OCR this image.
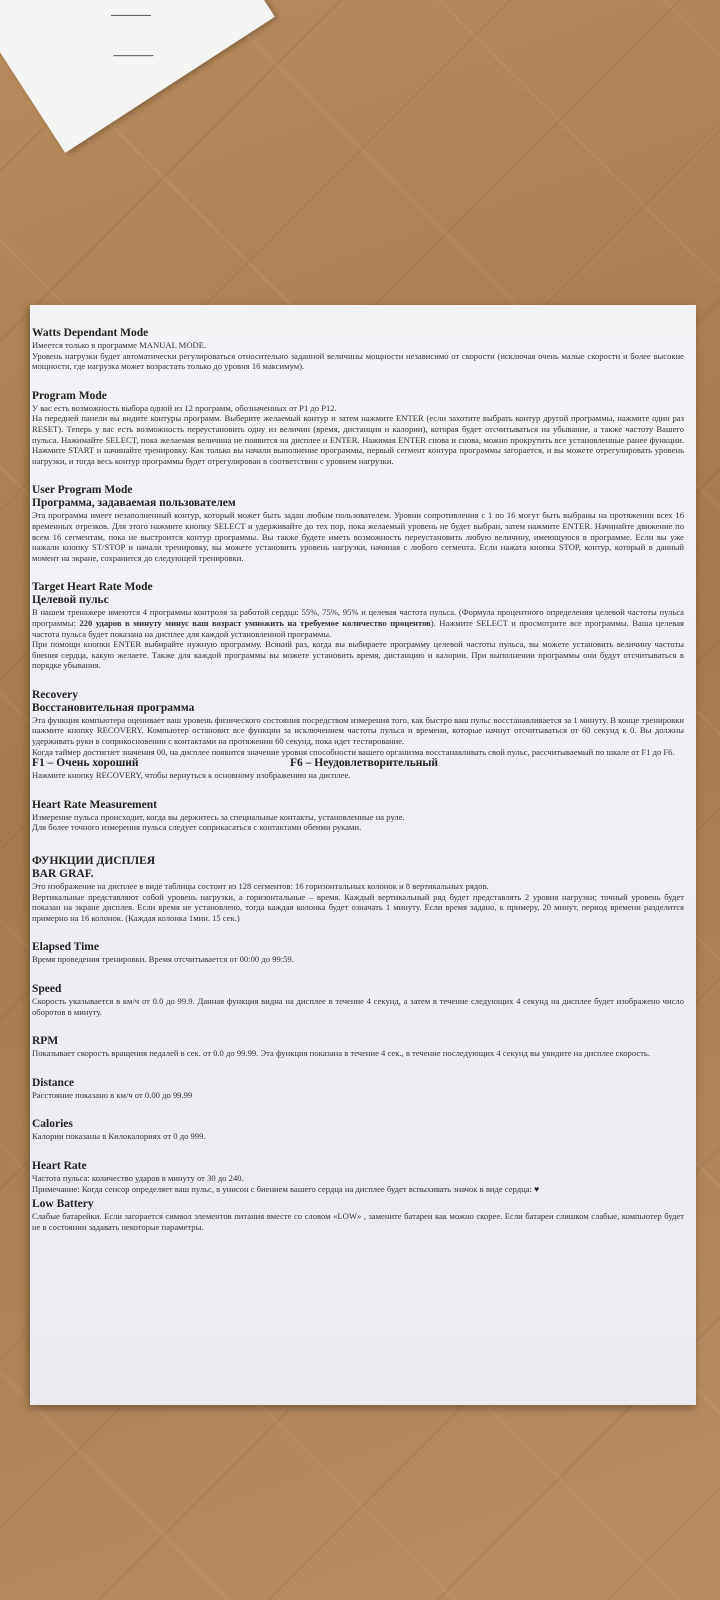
Watts Dependant Mode

Имеется только в программе MANUAL MODE.

Уровень нагрузки будет автоматически регулироваться относительно заданной величины мощности независимо от скорости (исключая очень малые скорости и более высокие мощности, где нагрузка может возрастать только до уровня 16 максимум).

Program Mode

У вас есть возможность выбора одной из 12 программ, обозначенных от P1 до P12.

На передней панели вы видите контуры программ. Выберите желаемый контур и затем нажмите ENTER (если захотите выбрать контур другой программы, нажмите один раз RESET). Теперь у вас есть возможность переустановить одну из величин (время, дистанция и калории), которая будет отсчитываться на убывание, а также частоту Вашего пульса. Нажимайте SELECT, пока желаемая величина не появится на дисплее и ENTER. Нажимая ENTER снова и снова, можно прокрутить все установленные ранее функции. Нажмите START и начинайте тренировку. Как только вы начали выполнение программы, первый сегмент контура программы загорается, и вы можете отрегулировать уровень нагрузки, и тогда весь контур программы будет отрегулирован в соответствии с уровнем нагрузки.

User Program Mode

Программа, задаваемая пользователем

Эта программа имеет незаполненный контур, который может быть задан любым пользователем. Уровни сопротивления с 1 по 16 могут быть выбраны на протяжении всех 16 временных отрезков. Для этого нажмите кнопку SELECT и удерживайте до тех пор, пока желаемый уровень не будет выбран, затем нажмите ENTER. Начинайте движение по всем 16 сегментам, пока не выстроится контур программы. Вы также будете иметь возможность переустановить любую величину, имеющуюся в программе. Если вы уже нажали кнопку ST/STOP и начали тренировку, вы можете установить уровень нагрузки, начиная с любого сегмента. Если нажата кнопка STOP, контур, который в данный момент на экране, сохранится до следующей тренировки.

Target Heart Rate Mode

Целевой пульс

В нашем тренажере имеются 4 программы контроля за работой сердца: 55%, 75%, 95% и целевая частота пульса. (Формула процентного определения целевой частоты пульса программы: 220 ударов в минуту минус ваш возраст умножить на требуемое количество процентов). Нажмите SELECT и просмотрите все программы. Ваша целевая частота пульса будет показана на дисплее для каждой установленной программы.

При помощи кнопки ENTER выбирайте нужную программу. Всякий раз, когда вы выбираете программу целевой частоты пульса, вы можете установить величину частоты биения сердца, какую желаете. Также для каждой программы вы можете установить время, дистанцию и калории. При выполнении программы они будут отсчитываться в порядке убывания.

Recovery

Восстановительная программа

Эта функция компьютера оценивает ваш уровень физического состояния посредством измерения того, как быстро ваш пульс восстанавливается за 1 минуту. В конце тренировки нажмите кнопку RECOVERY. Компьютер остановит все функции за исключением частоты пульса и времени, которые начнут отсчитываться от 60 секунд к 0. Вы должны удерживать руки в соприкосновении с контактами на протяжении 60 секунд, пока идет тестирование.

Когда таймер достигнет значения 00, на дисплее появится значение уровня способности вашего организма восстанавливать свой пульс, рассчитываемый по шкале от F1 до F6.

F1 – Очень хороший	F6 – Неудовлетворительный

Нажмите кнопку RECOVERY, чтобы вернуться к основному изображению на дисплее.

Heart Rate Measurement

Измерение пульса происходит, когда вы держитесь за специальные контакты, установленные на руле.

Для более точного измерения пульса следует соприкасаться с контактами обеими руками.

ФУНКЦИИ ДИСПЛЕЯ

BAR GRAF.

Это изображение на дисплее в виде таблицы состоит из 128 сегментов: 16 горизонтальных колонок и 8 вертикальных рядов.

Вертикальные представляют собой уровень нагрузки, а горизонтальные – время. Каждый вертикальный ряд будет представлять 2 уровня нагрузки; точный уровень будет показан на экране дисплея. Если время не установлено, тогда каждая колонка будет означать 1 минуту. Если время задано, к примеру, 20 минут, период времени разделится примерно на 16 колонок. (Каждая колонка 1мин. 15 сек.)

Elapsed Time

Время проведения тренировки. Время отсчитывается от 00:00 до 99:59.

Speed

Скорость указывается в км/ч от 0.0 до 99.9. Данная функция видна на дисплее в течение 4 секунд, а затем в течение следующих 4 секунд на дисплее будет изображено число оборотов в минуту.

RPM

Показывает скорость вращения педалей в сек. от 0.0 до 99.99. Эта функция показана в течение 4 сек., в течение последующих 4 секунд вы увидите на дисплее скорость.

Distance

Расстояние показано в км/ч от 0.00 до 99.99

Calories

Калории показаны в Килокалориях от 0 до 999.

Heart Rate

Частота пульса: количество ударов в минуту от 30 до 240.

Примечание: Когда сенсор определяет ваш пульс, в унисон с биением вашего сердца на дисплее будет вспыхивать значок в виде сердца: ♥

Low Battery

Слабые батарейки. Если загорается символ элементов питания вместе со словом «LOW» , замените батареи как можно скорее. Если батареи слишком слабые, компьютер будет не в состоянии задавать некоторые параметры.
